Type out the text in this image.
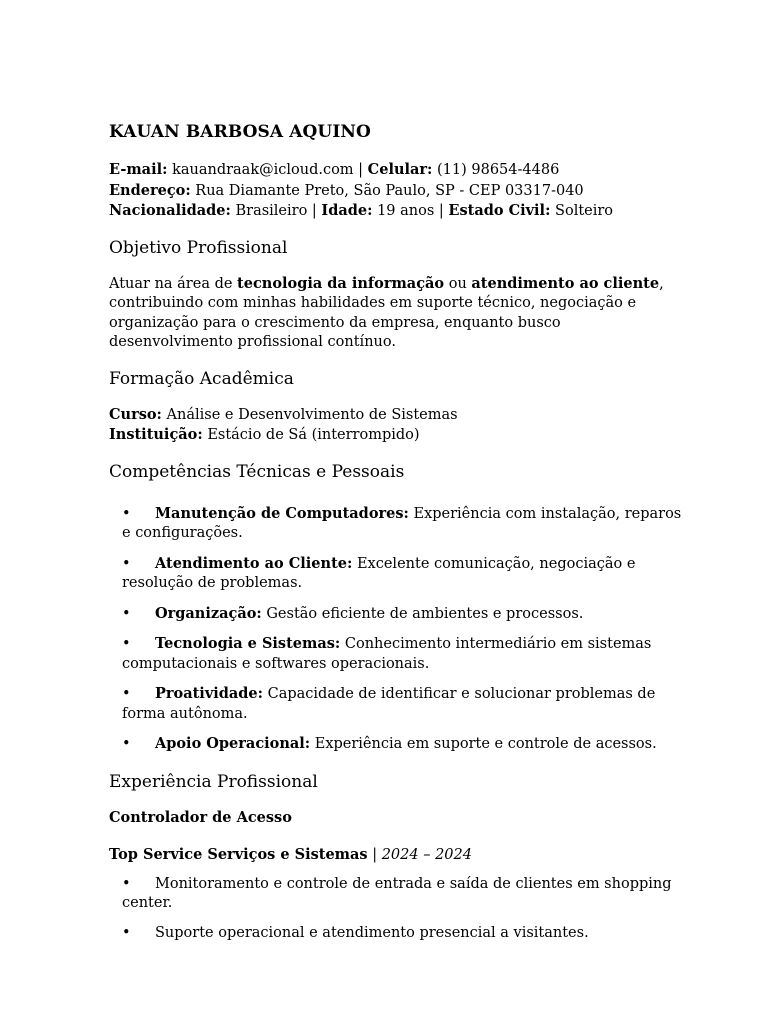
KAUAN BARBOSA AQUINO
E-mail: kauandraak@icloud.com | Celular: (11) 98654-4486
Endereço: Rua Diamante Preto, São Paulo, SP - CEP 03317-040
Nacionalidade: Brasileiro | Idade: 19 anos | Estado Civil: Solteiro
Objetivo Profissional
Atuar na área de tecnologia da informação ou atendimento ao cliente,
contribuindo com minhas habilidades em suporte técnico, negociação e
organização para o crescimento da empresa, enquanto busco
desenvolvimento profissional contínuo.
Formação Acadêmica
Curso: Análise e Desenvolvimento de Sistemas
Instituição: Estácio de Sá (interrompido)
Competências Técnicas e Pessoais
• Manutenção de Computadores: Experiência com instalação, reparos
e configurações.
• Atendimento ao Cliente: Excelente comunicação, negociação e
resolução de problemas.
• Organização: Gestão eficiente de ambientes e processos.
• Tecnologia e Sistemas: Conhecimento intermediário em sistemas
computacionais e softwares operacionais.
• Proatividade: Capacidade de identificar e solucionar problemas de
forma autônoma.
• Apoio Operacional: Experiência em suporte e controle de acessos.
Experiência Profissional
Controlador de Acesso
Top Service Serviços e Sistemas | 2024 – 2024
• Monitoramento e controle de entrada e saída de clientes em shopping
center.
• Suporte operacional e atendimento presencial a visitantes.
